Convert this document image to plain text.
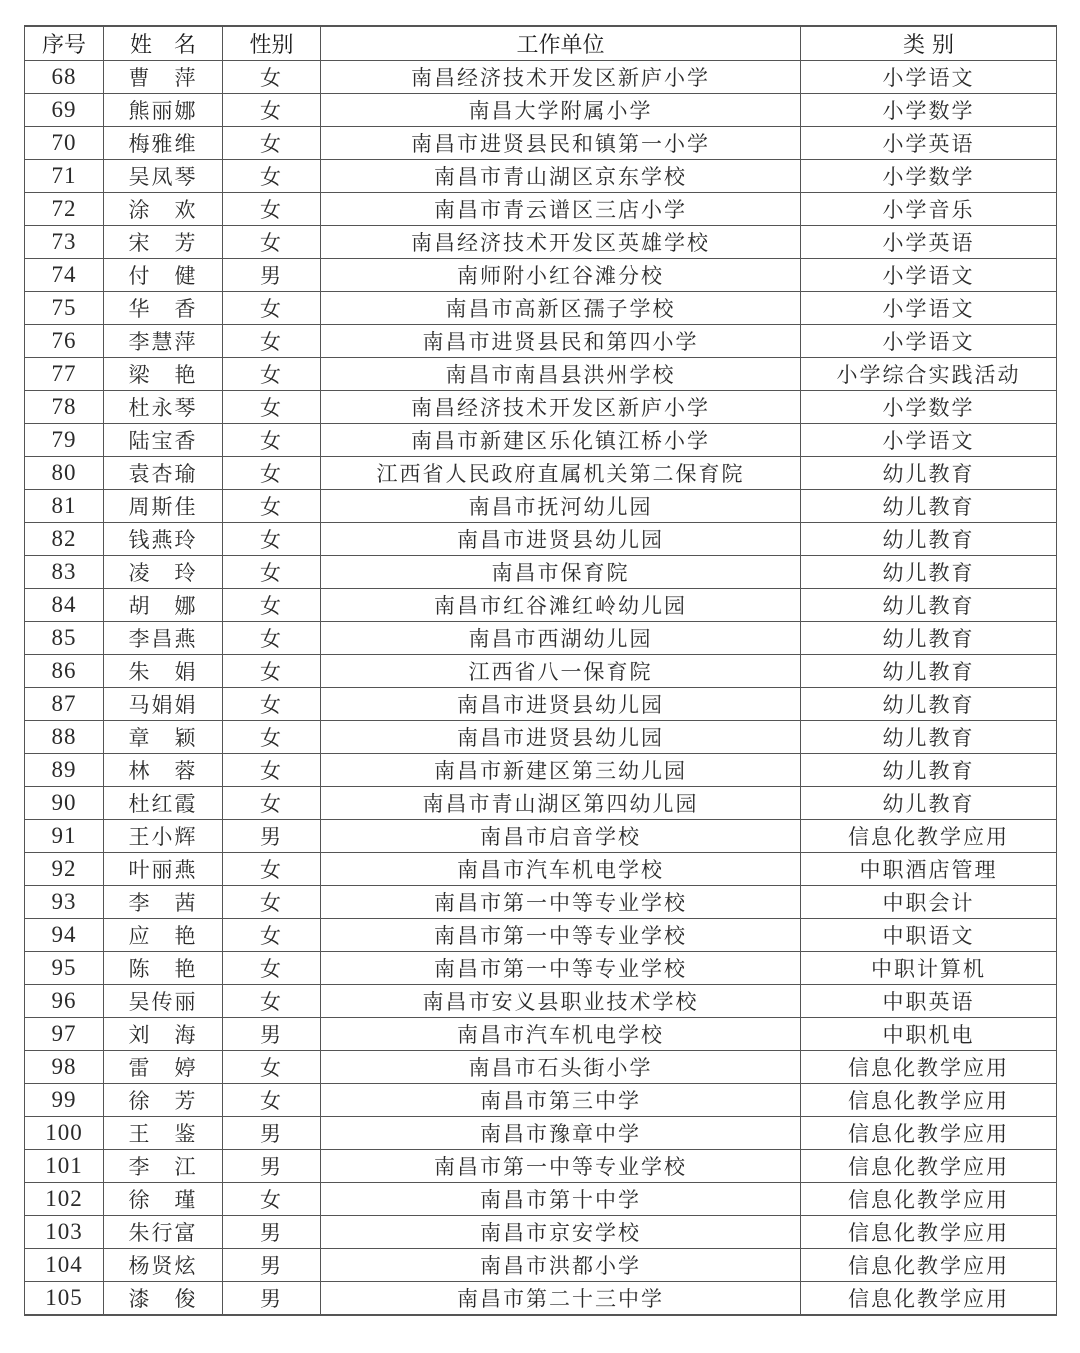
序号	姓　名	性别	工作单位	类 别
68	曹　萍	女	南昌经济技术开发区新庐小学	小学语文
69	熊丽娜	女	南昌大学附属小学	小学数学
70	梅雅维	女	南昌市进贤县民和镇第一小学	小学英语
71	吴凤琴	女	南昌市青山湖区京东学校	小学数学
72	涂　欢	女	南昌市青云谱区三店小学	小学音乐
73	宋　芳	女	南昌经济技术开发区英雄学校	小学英语
74	付　健	男	南师附小红谷滩分校	小学语文
75	华　香	女	南昌市高新区孺子学校	小学语文
76	李慧萍	女	南昌市进贤县民和第四小学	小学语文
77	梁　艳	女	南昌市南昌县洪州学校	小学综合实践活动
78	杜永琴	女	南昌经济技术开发区新庐小学	小学数学
79	陆宝香	女	南昌市新建区乐化镇江桥小学	小学语文
80	袁杏瑜	女	江西省人民政府直属机关第二保育院	幼儿教育
81	周斯佳	女	南昌市抚河幼儿园	幼儿教育
82	钱燕玲	女	南昌市进贤县幼儿园	幼儿教育
83	凌　玲	女	南昌市保育院	幼儿教育
84	胡　娜	女	南昌市红谷滩红岭幼儿园	幼儿教育
85	李昌燕	女	南昌市西湖幼儿园	幼儿教育
86	朱　娟	女	江西省八一保育院	幼儿教育
87	马娟娟	女	南昌市进贤县幼儿园	幼儿教育
88	章　颖	女	南昌市进贤县幼儿园	幼儿教育
89	林　蓉	女	南昌市新建区第三幼儿园	幼儿教育
90	杜红霞	女	南昌市青山湖区第四幼儿园	幼儿教育
91	王小辉	男	南昌市启音学校	信息化教学应用
92	叶丽燕	女	南昌市汽车机电学校	中职酒店管理
93	李　茜	女	南昌市第一中等专业学校	中职会计
94	应　艳	女	南昌市第一中等专业学校	中职语文
95	陈　艳	女	南昌市第一中等专业学校	中职计算机
96	吴传丽	女	南昌市安义县职业技术学校	中职英语
97	刘　海	男	南昌市汽车机电学校	中职机电
98	雷　婷	女	南昌市石头街小学	信息化教学应用
99	徐　芳	女	南昌市第三中学	信息化教学应用
100	王　鉴	男	南昌市豫章中学	信息化教学应用
101	李　江	男	南昌市第一中等专业学校	信息化教学应用
102	徐　瑾	女	南昌市第十中学	信息化教学应用
103	朱行富	男	南昌市京安学校	信息化教学应用
104	杨贤炫	男	南昌市洪都小学	信息化教学应用
105	漆　俊	男	南昌市第二十三中学	信息化教学应用
